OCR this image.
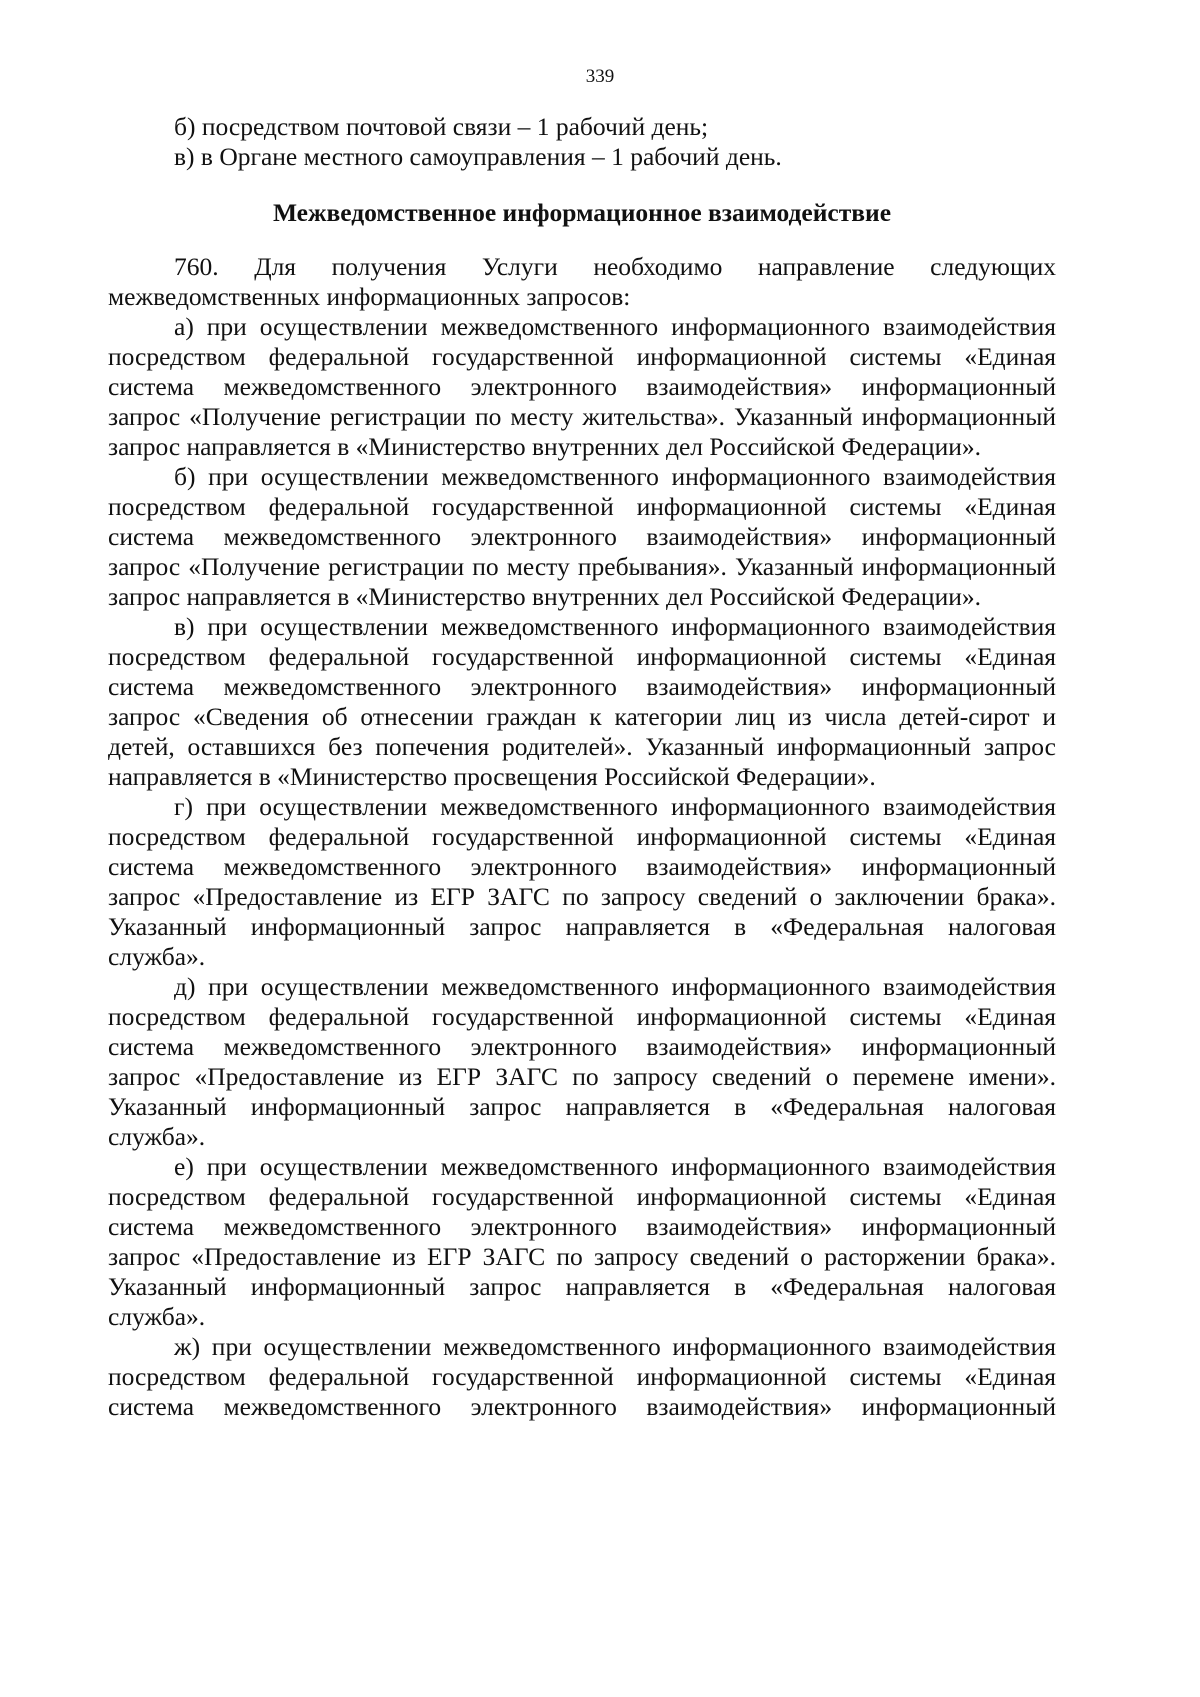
339
б) посредством почтовой связи – 1 рабочий день;
в) в Органе местного самоуправления – 1 рабочий день.
Межведомственное информационное взаимодействие
760. Для получения Услуги необходимо направление следующих
межведомственных информационных запросов:
а) при осуществлении межведомственного информационного взаимодействия
посредством федеральной государственной информационной системы «Единая
система межведомственного электронного взаимодействия» информационный
запрос «Получение регистрации по месту жительства». Указанный информационный
запрос направляется в «Министерство внутренних дел Российской Федерации».
б) при осуществлении межведомственного информационного взаимодействия
посредством федеральной государственной информационной системы «Единая
система межведомственного электронного взаимодействия» информационный
запрос «Получение регистрации по месту пребывания». Указанный информационный
запрос направляется в «Министерство внутренних дел Российской Федерации».
в) при осуществлении межведомственного информационного взаимодействия
посредством федеральной государственной информационной системы «Единая
система межведомственного электронного взаимодействия» информационный
запрос «Сведения об отнесении граждан к категории лиц из числа детей-сирот и
детей, оставшихся без попечения родителей». Указанный информационный запрос
направляется в «Министерство просвещения Российской Федерации».
г) при осуществлении межведомственного информационного взаимодействия
посредством федеральной государственной информационной системы «Единая
система межведомственного электронного взаимодействия» информационный
запрос «Предоставление из ЕГР ЗАГС по запросу сведений о заключении брака».
Указанный информационный запрос направляется в «Федеральная налоговая
служба».
д) при осуществлении межведомственного информационного взаимодействия
посредством федеральной государственной информационной системы «Единая
система межведомственного электронного взаимодействия» информационный
запрос «Предоставление из ЕГР ЗАГС по запросу сведений о перемене имени».
Указанный информационный запрос направляется в «Федеральная налоговая
служба».
е) при осуществлении межведомственного информационного взаимодействия
посредством федеральной государственной информационной системы «Единая
система межведомственного электронного взаимодействия» информационный
запрос «Предоставление из ЕГР ЗАГС по запросу сведений о расторжении брака».
Указанный информационный запрос направляется в «Федеральная налоговая
служба».
ж) при осуществлении межведомственного информационного взаимодействия
посредством федеральной государственной информационной системы «Единая
система межведомственного электронного взаимодействия» информационный
